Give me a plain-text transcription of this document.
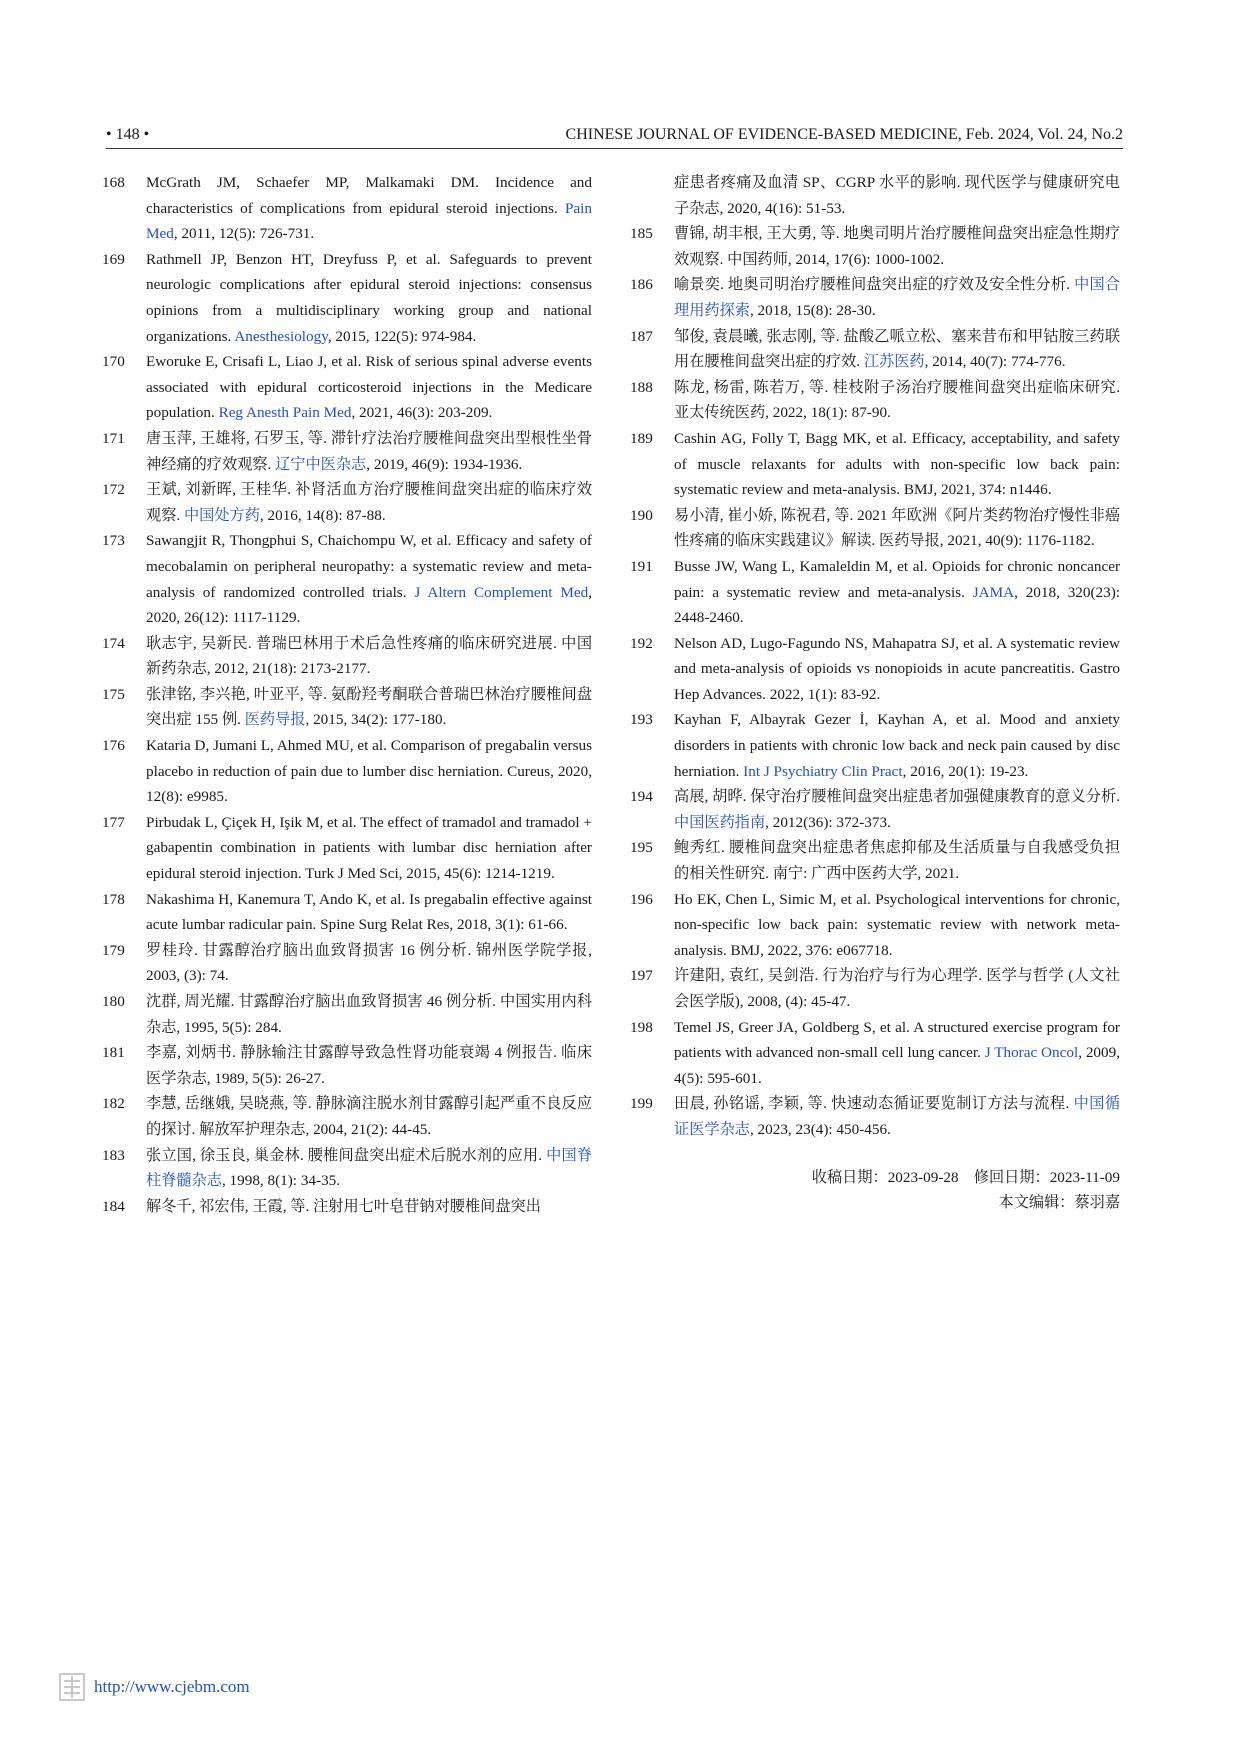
• 148 •	CHINESE JOURNAL OF EVIDENCE-BASED MEDICINE, Feb. 2024, Vol. 24, No.2
168	McGrath JM, Schaefer MP, Malkamaki DM. Incidence and characteristics of complications from epidural steroid injections. Pain Med, 2011, 12(5): 726-731.
169	Rathmell JP, Benzon HT, Dreyfuss P, et al. Safeguards to prevent neurologic complications after epidural steroid injections: consensus opinions from a multidisciplinary working group and national organizations. Anesthesiology, 2015, 122(5): 974-984.
170	Eworuke E, Crisafi L, Liao J, et al. Risk of serious spinal adverse events associated with epidural corticosteroid injections in the Medicare population. Reg Anesth Pain Med, 2021, 46(3): 203-209.
171	唐玉萍, 王雄将, 石罗玉, 等. 滞针疗法治疗腰椎间盘突出型根性坐骨神经痛的疗效观察. 辽宁中医杂志, 2019, 46(9): 1934-1936.
172	王斌, 刘新晖, 王桂华. 补肾活血方治疗腰椎间盘突出症的临床疗效观察. 中国处方药, 2016, 14(8): 87-88.
173	Sawangjit R, Thongphui S, Chaichompu W, et al. Efficacy and safety of mecobalamin on peripheral neuropathy: a systematic review and meta-analysis of randomized controlled trials. J Altern Complement Med, 2020, 26(12): 1117-1129.
174	耿志宇, 吴新民. 普瑞巴林用于术后急性疼痛的临床研究进展. 中国新药杂志, 2012, 21(18): 2173-2177.
175	张津铭, 李兴艳, 叶亚平, 等. 氨酚羟考酮联合普瑞巴林治疗腰椎间盘突出症 155 例. 医药导报, 2015, 34(2): 177-180.
176	Kataria D, Jumani L, Ahmed MU, et al. Comparison of pregabalin versus placebo in reduction of pain due to lumber disc herniation. Cureus, 2020, 12(8): e9985.
177	Pirbudak L, Çiçek H, Işik M, et al. The effect of tramadol and tramadol + gabapentin combination in patients with lumbar disc herniation after epidural steroid injection. Turk J Med Sci, 2015, 45(6): 1214-1219.
178	Nakashima H, Kanemura T, Ando K, et al. Is pregabalin effective against acute lumbar radicular pain. Spine Surg Relat Res, 2018, 3(1): 61-66.
179	罗桂玲. 甘露醇治疗脑出血致肾损害 16 例分析. 锦州医学院学报, 2003, (3): 74.
180	沈群, 周光耀. 甘露醇治疗脑出血致肾损害 46 例分析. 中国实用内科杂志, 1995, 5(5): 284.
181	李嘉, 刘炳书. 静脉输注甘露醇导致急性肾功能衰竭 4 例报告. 临床医学杂志, 1989, 5(5): 26-27.
182	李慧, 岳继娥, 吴晓燕, 等. 静脉滴注脱水剂甘露醇引起严重不良反应的探讨. 解放军护理杂志, 2004, 21(2): 44-45.
183	张立国, 徐玉良, 巢金林. 腰椎间盘突出症术后脱水剂的应用. 中国脊柱脊髓杂志, 1998, 8(1): 34-35.
184	解冬千, 祁宏伟, 王霞, 等. 注射用七叶皂苷钠对腰椎间盘突出
症患者疼痛及血清 SP、CGRP 水平的影响. 现代医学与健康研究电子杂志, 2020, 4(16): 51-53.
185	曹锦, 胡丰根, 王大勇, 等. 地奥司明片治疗腰椎间盘突出症急性期疗效观察. 中国药师, 2014, 17(6): 1000-1002.
186	喻景奕. 地奥司明治疗腰椎间盘突出症的疗效及安全性分析. 中国合理用药探索, 2018, 15(8): 28-30.
187	邹俊, 袁晨曦, 张志刚, 等. 盐酸乙哌立松、塞来昔布和甲钴胺三药联用在腰椎间盘突出症的疗效. 江苏医药, 2014, 40(7): 774-776.
188	陈龙, 杨雷, 陈若万, 等. 桂枝附子汤治疗腰椎间盘突出症临床研究. 亚太传统医药, 2022, 18(1): 87-90.
189	Cashin AG, Folly T, Bagg MK, et al. Efficacy, acceptability, and safety of muscle relaxants for adults with non-specific low back pain: systematic review and meta-analysis. BMJ, 2021, 374: n1446.
190	易小清, 崔小娇, 陈祝君, 等. 2021 年欧洲《阿片类药物治疗慢性非癌性疼痛的临床实践建议》解读. 医药导报, 2021, 40(9): 1176-1182.
191	Busse JW, Wang L, Kamaleldin M, et al. Opioids for chronic noncancer pain: a systematic review and meta-analysis. JAMA, 2018, 320(23): 2448-2460.
192	Nelson AD, Lugo-Fagundo NS, Mahapatra SJ, et al. A systematic review and meta-analysis of opioids vs nonopioids in acute pancreatitis. Gastro Hep Advances. 2022, 1(1): 83-92.
193	Kayhan F, Albayrak Gezer İ, Kayhan A, et al. Mood and anxiety disorders in patients with chronic low back and neck pain caused by disc herniation. Int J Psychiatry Clin Pract, 2016, 20(1): 19-23.
194	高展, 胡晔. 保守治疗腰椎间盘突出症患者加强健康教育的意义分析. 中国医药指南, 2012(36): 372-373.
195	鲍秀红. 腰椎间盘突出症患者焦虑抑郁及生活质量与自我感受负担的相关性研究. 南宁: 广西中医药大学, 2021.
196	Ho EK, Chen L, Simic M, et al. Psychological interventions for chronic, non-specific low back pain: systematic review with network meta-analysis. BMJ, 2022, 376: e067718.
197	许建阳, 袁红, 吴剑浩. 行为治疗与行为心理学. 医学与哲学 (人文社会医学版), 2008, (4): 45-47.
198	Temel JS, Greer JA, Goldberg S, et al. A structured exercise program for patients with advanced non-small cell lung cancer. J Thorac Oncol, 2009, 4(5): 595-601.
199	田晨, 孙铭谣, 李颖, 等. 快速动态循证要览制订方法与流程. 中国循证医学杂志, 2023, 23(4): 450-456.
收稿日期：2023-09-28　修回日期：2023-11-09
本文编辑：蔡羽嘉
http://www.cjebm.com
